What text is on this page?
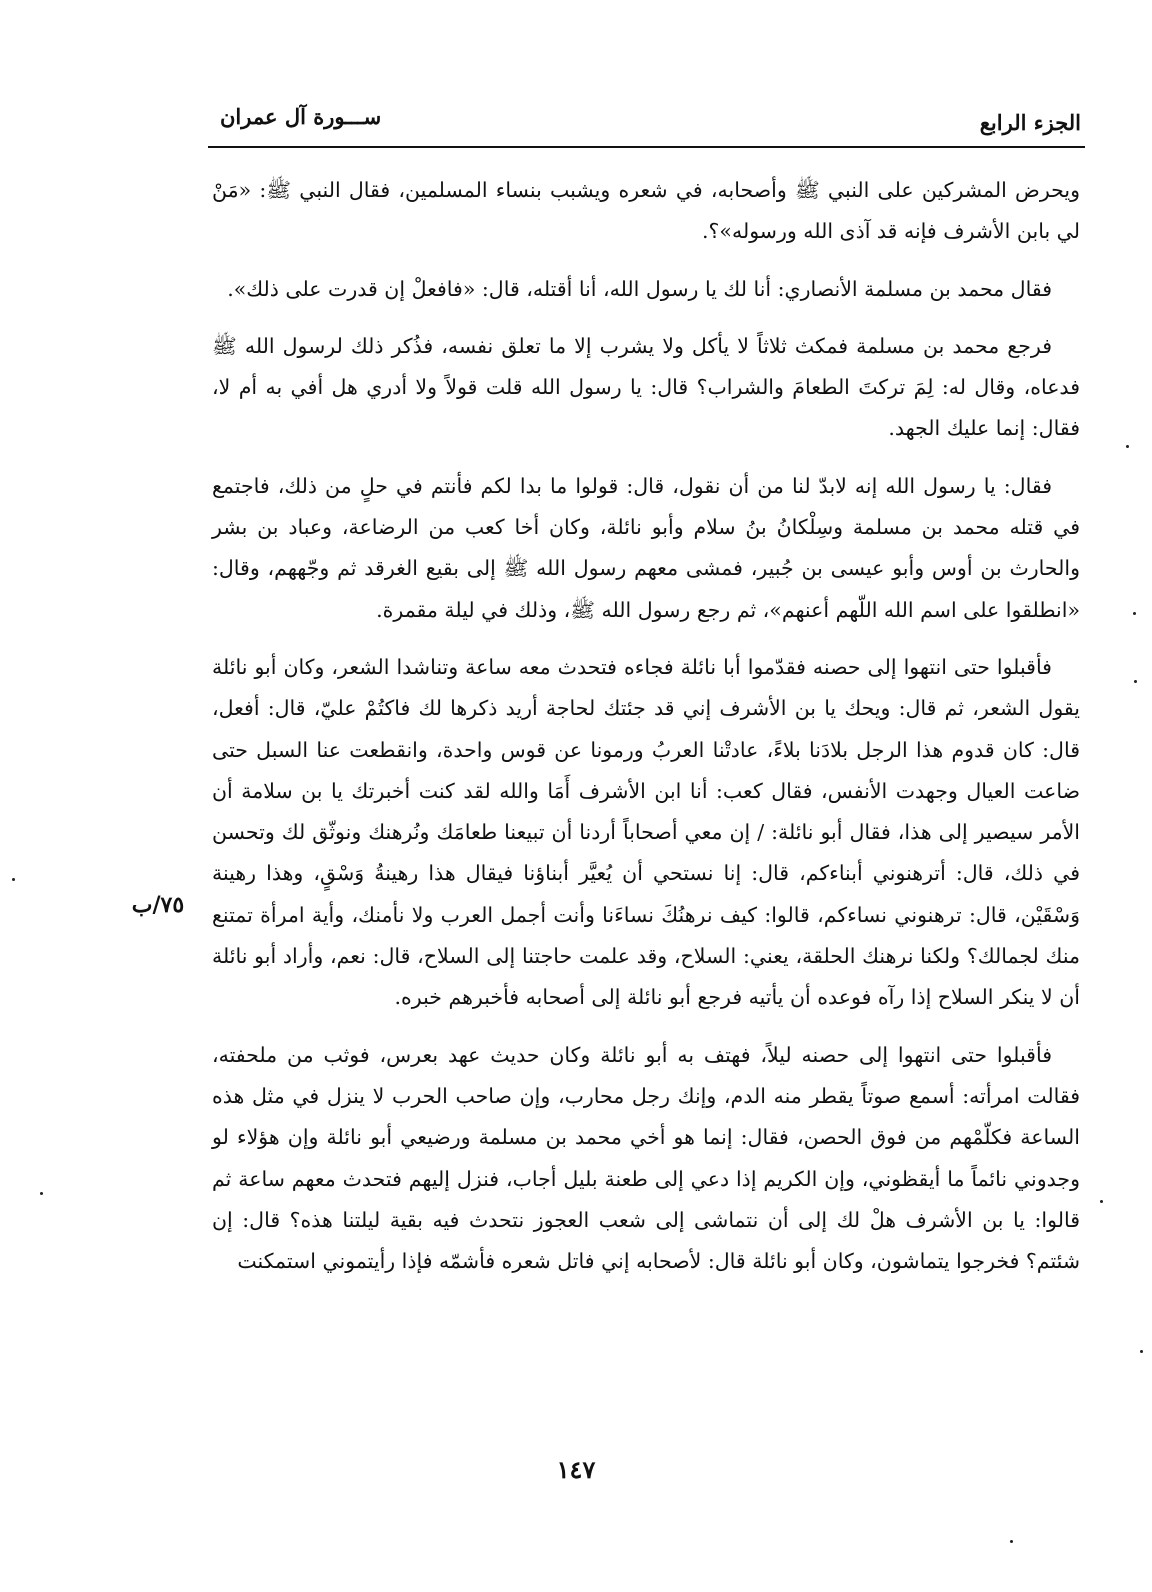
الجزء الرابع
ســـورة آل عمران

ويحرض المشركين على النبي ﷺ وأصحابه، في شعره ويشبب بنساء المسلمين، فقال النبي ﷺ: «مَنْ لي بابن الأشرف فإنه قد آذى الله ورسوله»؟.

فقال محمد بن مسلمة الأنصاري: أنا لك يا رسول الله، أنا أقتله، قال: «فافعلْ إن قدرت على ذلك».

فرجع محمد بن مسلمة فمكث ثلاثاً لا يأكل ولا يشرب إلا ما تعلق نفسه، فذُكر ذلك لرسول الله ﷺ فدعاه، وقال له: لِمَ تركتَ الطعامَ والشراب؟ قال: يا رسول الله قلت قولاً ولا أدري هل أفي به أم لا، فقال: إنما عليك الجهد.

فقال: يا رسول الله إنه لابدّ لنا من أن نقول، قال: قولوا ما بدا لكم فأنتم في حلٍ من ذلك، فاجتمع في قتله محمد بن مسلمة وسِلْكانُ بنُ سلام وأبو نائلة، وكان أخا كعب من الرضاعة، وعباد بن بشر والحارث بن أوس وأبو عيسى بن جُبير، فمشى معهم رسول الله ﷺ إلى بقيع الغرقد ثم وجّههم، وقال: «انطلقوا على اسم الله اللّهم أعنهم»، ثم رجع رسول الله ﷺ، وذلك في ليلة مقمرة.

فأقبلوا حتى انتهوا إلى حصنه فقدّموا أبا نائلة فجاءه فتحدث معه ساعة وتناشدا الشعر، وكان أبو نائلة يقول الشعر، ثم قال: ويحك يا بن الأشرف إني قد جئتك لحاجة أريد ذكرها لك فاكتُمْ عليّ، قال: أفعل، قال: كان قدوم هذا الرجل بلادَنا بلاءً، عادتْنا العربُ ورمونا عن قوس واحدة، وانقطعت عنا السبل حتى ضاعت العيال وجهدت الأنفس، فقال كعب: أنا ابن الأشرف أَمَا والله لقد كنت أخبرتك يا بن سلامة أن الأمر سيصير إلى هذا، فقال أبو نائلة: / إن معي أصحاباً أردنا أن تبيعنا طعامَك ونُرهنك ونوثّق لك وتحسن في ذلك، قال: أترهنوني أبناءكم، قال: إنا نستحي أن يُعيَّر أبناؤنا فيقال هذا رهينةُ وَسْقٍ، وهذا رهينة وَسْقَيْن، قال: ترهنوني نساءكم، قالوا: كيف نرهنُكَ نساءَنا وأنت أجمل العرب ولا نأمنك، وأية امرأة تمتنع منك لجمالك؟ ولكنا نرهنك الحلقة، يعني: السلاح، وقد علمت حاجتنا إلى السلاح، قال: نعم، وأراد أبو نائلة أن لا ينكر السلاح إذا رآه فوعده أن يأتيه فرجع أبو نائلة إلى أصحابه فأخبرهم خبره.

فأقبلوا حتى انتهوا إلى حصنه ليلاً، فهتف به أبو نائلة وكان حديث عهد بعرس، فوثب من ملحفته، فقالت امرأته: أسمع صوتاً يقطر منه الدم، وإنك رجل محارب، وإن صاحب الحرب لا ينزل في مثل هذه الساعة فكلّمْهم من فوق الحصن، فقال: إنما هو أخي محمد بن مسلمة ورضيعي أبو نائلة وإن هؤلاء لو وجدوني نائماً ما أيقظوني، وإن الكريم إذا دعي إلى طعنة بليل أجاب، فنزل إليهم فتحدث معهم ساعة ثم قالوا: يا بن الأشرف هلْ لك إلى أن نتماشى إلى شعب العجوز نتحدث فيه بقية ليلتنا هذه؟ قال: إن شئتم؟ فخرجوا يتماشون، وكان أبو نائلة قال: لأصحابه إني فاتل شعره فأشمّه فإذا رأيتموني استمكنت

٧٥/ب
١٤٧
